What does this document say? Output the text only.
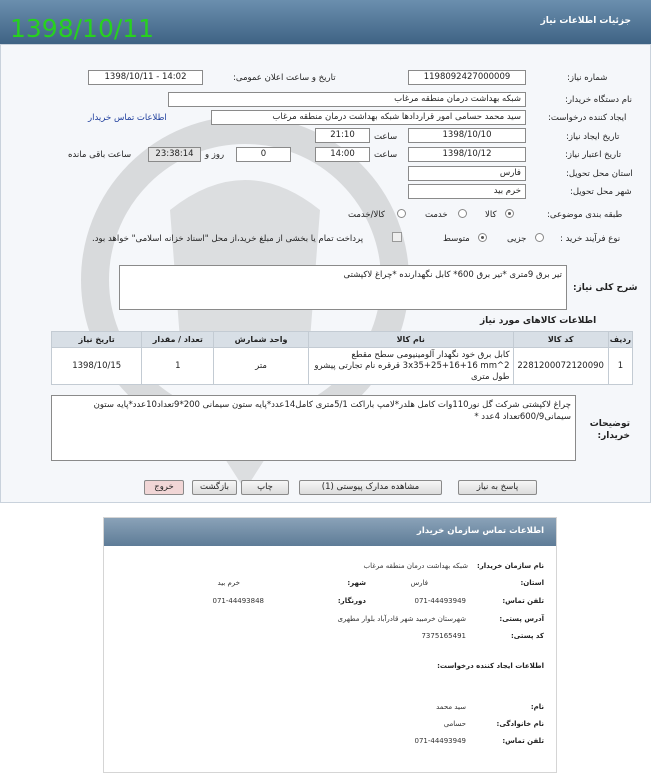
جزئیات اطلاعات نیاز
1398/10/11
شماره نیاز:
1198092427000009
تاریخ و ساعت اعلان عمومی:
1398/10/11 - 14:02
نام دستگاه خریدار:
شبکه بهداشت درمان منطقه مرغاب
ایجاد کننده درخواست:
سید محمد حسامی امور قراردادها شبکه بهداشت درمان منطقه مرغاب
اطلاعات تماس خریدار
تاریخ ایجاد نیاز:
1398/10/10
ساعت
21:10
تاریخ اعتبار نیاز:
1398/10/12
ساعت
14:00
0
روز و
23:38:14
ساعت باقی مانده
استان محل تحویل:
فارس
شهر محل تحویل:
خرم بید
طبقه بندی موضوعی:
کالا
خدمت
کالا/خدمت
نوع فرآیند خرید :
جزیی
متوسط
پرداخت تمام یا بخشی از مبلغ خرید،از محل "اسناد خزانه اسلامی" خواهد بود.
شرح کلی نیاز:
تیر برق 9متری *تیر برق 600* کابل نگهدارنده *چراغ لاکپشتی
اطلاعات کالاهای مورد نیاز
ردیف	کد کالا	نام کالا	واحد شمارش	تعداد / مقدار	تاریخ نیاز
1	2281200072120090	کابل برق خود نگهدار آلومینیومی سطح مقطع 3x35+25+16+16 mm^2 قرقره نام تجارتی پیشرو طول متری	متر	1	1398/10/15
توضیحات خریدار:
چراغ لاکپشتی شرکت گل نور110وات کامل هلدر*لامپ باراکت 5/1متری کامل14عدد*پایه ستون سیمانی 200*9تعداد10عدد*پایه ستون سیمانی600/9تعداد 4عدد *
پاسخ به نیاز
مشاهده مدارک پیوستی (1)
چاپ
بازگشت
خروج
اطلاعات تماس سازمان خریدار
نام سازمان خریدار:
شبکه بهداشت درمان منطقه مرغاب
استان:
فارس
شهر:
خرم بید
تلفن تماس:
071-44493949
دورنگار:
071-44493848
آدرس پستی:
شهرستان خرمبید شهر قادرآباد بلوار مطهری
کد پستی:
7375165491
اطلاعات ایجاد کننده درخواست:
نام:
سید محمد
نام خانوادگی:
حسامی
تلفن تماس:
071-44493949
